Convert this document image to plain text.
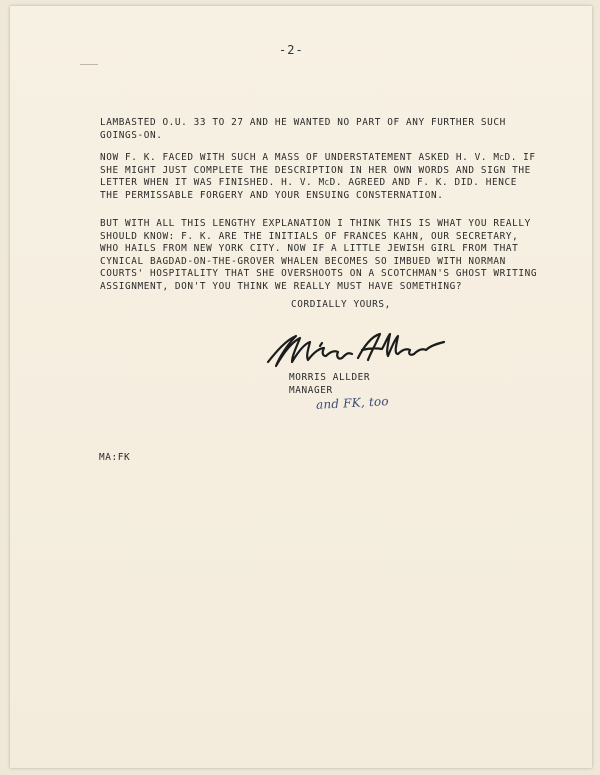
-2-

LAMBASTED O.U. 33 TO 27 AND HE WANTED NO PART OF ANY FURTHER SUCH GOINGS-ON.

NOW F. K. FACED WITH SUCH A MASS OF UNDERSTATEMENT ASKED H. V. McD. IF SHE MIGHT JUST COMPLETE THE DESCRIPTION IN HER OWN WORDS AND SIGN THE LETTER WHEN IT WAS FINISHED. H. V. McD. AGREED AND F. K. DID. HENCE THE PERMISSABLE FORGERY AND YOUR ENSUING CONSTERNATION.

BUT WITH ALL THIS LENGTHY EXPLANATION I THINK THIS IS WHAT YOU REALLY SHOULD KNOW: F. K. ARE THE INITIALS OF FRANCES KAHN, OUR SECRETARY, WHO HAILS FROM NEW YORK CITY. NOW IF A LITTLE JEWISH GIRL FROM THAT CYNICAL BAGDAD-ON-THE-GROVER WHALEN BECOMES SO IMBUED WITH NORMAN COURTS' HOSPITALITY THAT SHE OVERSHOOTS ON A SCOTCHMAN'S GHOST WRITING ASSIGNMENT, DON'T YOU THINK WE REALLY MUST HAVE SOMETHING?

CORDIALLY YOURS,
MORRIS ALLDER
MANAGER
and FK, too
MA:FK
